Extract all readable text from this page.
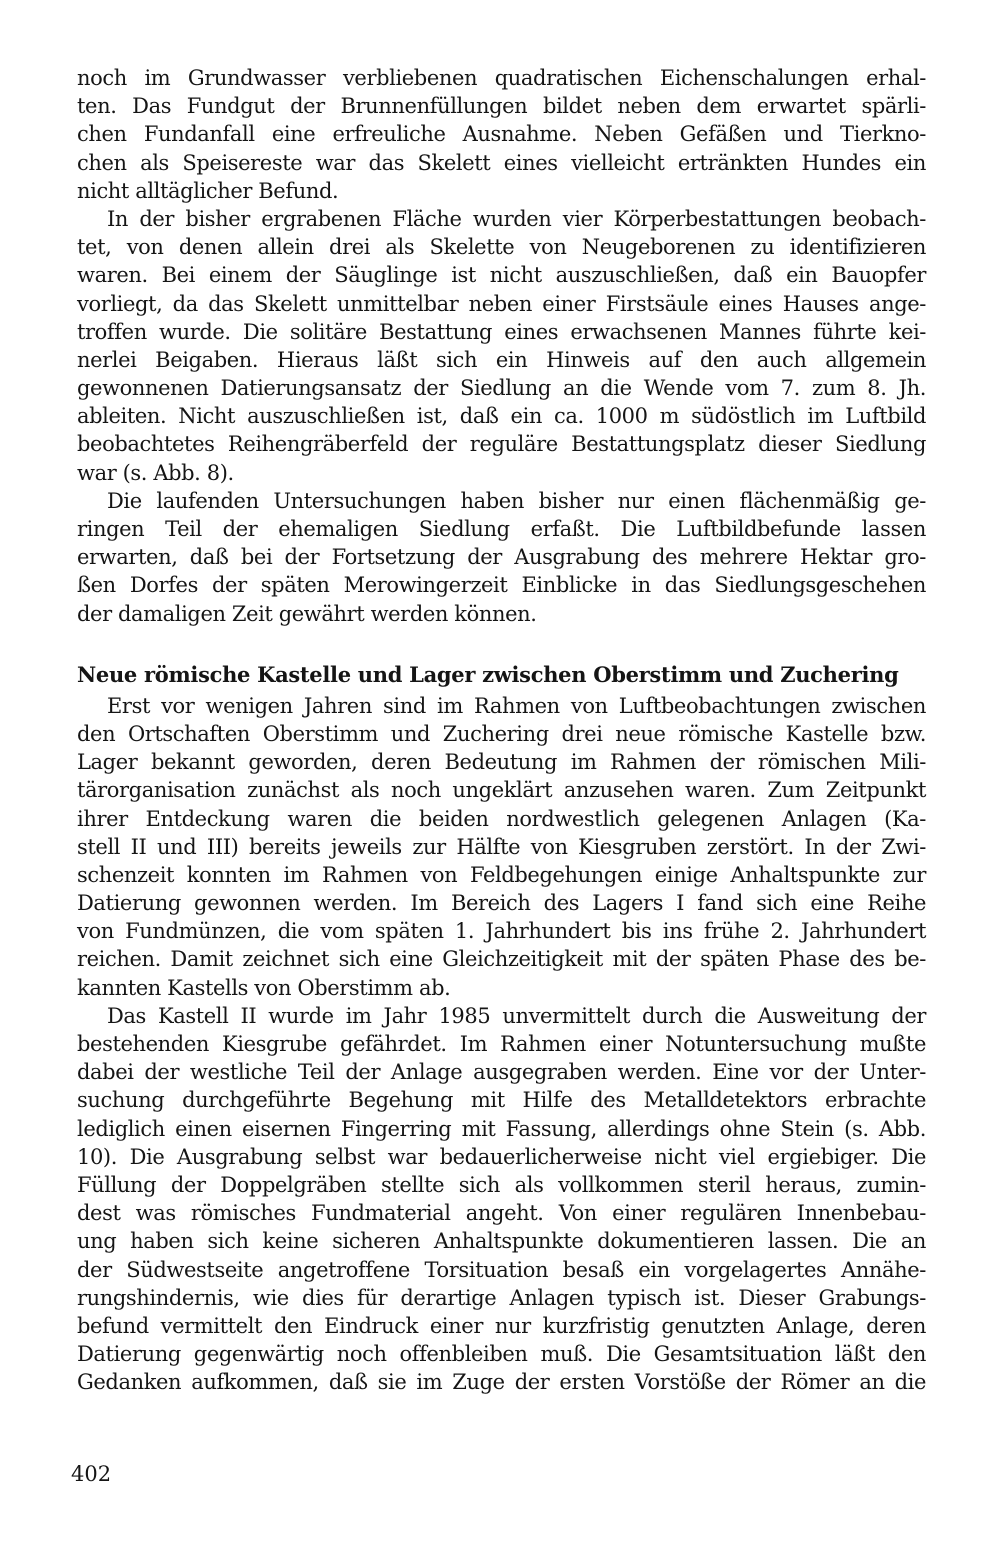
noch im Grundwasser verbliebenen quadratischen Eichenschalungen erhal-
ten. Das Fundgut der Brunnenfüllungen bildet neben dem erwartet spärli-
chen Fundanfall eine erfreuliche Ausnahme. Neben Gefäßen und Tierkno-
chen als Speisereste war das Skelett eines vielleicht ertränkten Hundes ein
nicht alltäglicher Befund.
In der bisher ergrabenen Fläche wurden vier Körperbestattungen beobach-
tet, von denen allein drei als Skelette von Neugeborenen zu identifizieren
waren. Bei einem der Säuglinge ist nicht auszuschließen, daß ein Bauopfer
vorliegt, da das Skelett unmittelbar neben einer Firstsäule eines Hauses ange-
troffen wurde. Die solitäre Bestattung eines erwachsenen Mannes führte kei-
nerlei Beigaben. Hieraus läßt sich ein Hinweis auf den auch allgemein
gewonnenen Datierungsansatz der Siedlung an die Wende vom 7. zum 8. Jh.
ableiten. Nicht auszuschließen ist, daß ein ca. 1000 m südöstlich im Luftbild
beobachtetes Reihengräberfeld der reguläre Bestattungsplatz dieser Siedlung
war (s. Abb. 8).
Die laufenden Untersuchungen haben bisher nur einen flächenmäßig ge-
ringen Teil der ehemaligen Siedlung erfaßt. Die Luftbildbefunde lassen
erwarten, daß bei der Fortsetzung der Ausgrabung des mehrere Hektar gro-
ßen Dorfes der späten Merowingerzeit Einblicke in das Siedlungsgeschehen
der damaligen Zeit gewährt werden können.
Neue römische Kastelle und Lager zwischen Oberstimm und Zuchering
Erst vor wenigen Jahren sind im Rahmen von Luftbeobachtungen zwischen
den Ortschaften Oberstimm und Zuchering drei neue römische Kastelle bzw.
Lager bekannt geworden, deren Bedeutung im Rahmen der römischen Mili-
tärorganisation zunächst als noch ungeklärt anzusehen waren. Zum Zeitpunkt
ihrer Entdeckung waren die beiden nordwestlich gelegenen Anlagen (Ka-
stell II und III) bereits jeweils zur Hälfte von Kiesgruben zerstört. In der Zwi-
schenzeit konnten im Rahmen von Feldbegehungen einige Anhaltspunkte zur
Datierung gewonnen werden. Im Bereich des Lagers I fand sich eine Reihe
von Fundmünzen, die vom späten 1. Jahrhundert bis ins frühe 2. Jahrhundert
reichen. Damit zeichnet sich eine Gleichzeitigkeit mit der späten Phase des be-
kannten Kastells von Oberstimm ab.
Das Kastell II wurde im Jahr 1985 unvermittelt durch die Ausweitung der
bestehenden Kiesgrube gefährdet. Im Rahmen einer Notuntersuchung mußte
dabei der westliche Teil der Anlage ausgegraben werden. Eine vor der Unter-
suchung durchgeführte Begehung mit Hilfe des Metalldetektors erbrachte
lediglich einen eisernen Fingerring mit Fassung, allerdings ohne Stein (s. Abb.
10). Die Ausgrabung selbst war bedauerlicherweise nicht viel ergiebiger. Die
Füllung der Doppelgräben stellte sich als vollkommen steril heraus, zumin-
dest was römisches Fundmaterial angeht. Von einer regulären Innenbebau-
ung haben sich keine sicheren Anhaltspunkte dokumentieren lassen. Die an
der Südwestseite angetroffene Torsituation besaß ein vorgelagertes Annähe-
rungshindernis, wie dies für derartige Anlagen typisch ist. Dieser Grabungs-
befund vermittelt den Eindruck einer nur kurzfristig genutzten Anlage, deren
Datierung gegenwärtig noch offenbleiben muß. Die Gesamtsituation läßt den
Gedanken aufkommen, daß sie im Zuge der ersten Vorstöße der Römer an die
402
